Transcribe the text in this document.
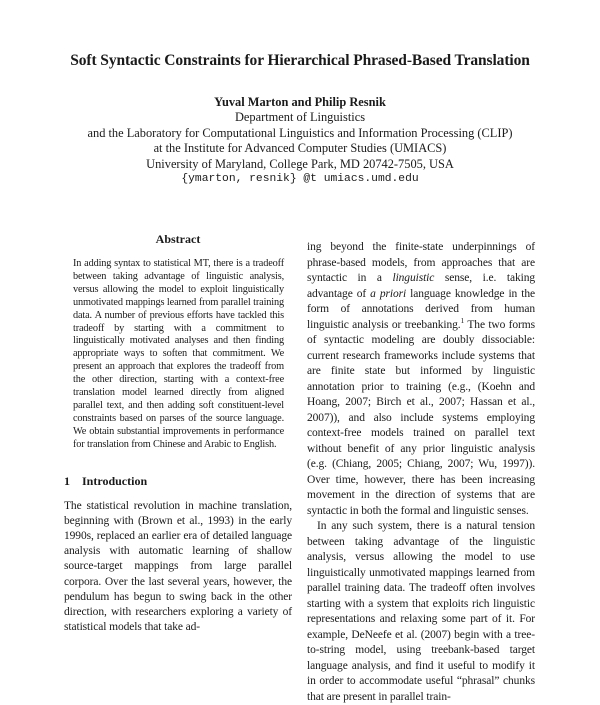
Soft Syntactic Constraints for Hierarchical Phrased-Based Translation
Yuval Marton and Philip Resnik
Department of Linguistics
and the Laboratory for Computational Linguistics and Information Processing (CLIP)
at the Institute for Advanced Computer Studies (UMIACS)
University of Maryland, College Park, MD 20742-7505, USA
{ymarton, resnik} @t umiacs.umd.edu
Abstract

In adding syntax to statistical MT, there is a tradeoff between taking advantage of linguistic analysis, versus allowing the model to exploit linguistically unmotivated mappings learned from parallel training data. A number of previous efforts have tackled this tradeoff by starting with a commitment to linguistically motivated analyses and then finding appropriate ways to soften that commitment. We present an approach that explores the tradeoff from the other direction, starting with a context-free translation model learned directly from aligned parallel text, and then adding soft constituent-level constraints based on parses of the source language. We obtain substantial improvements in performance for translation from Chinese and Arabic to English.

1 Introduction

The statistical revolution in machine translation, beginning with (Brown et al., 1993) in the early 1990s, replaced an earlier era of detailed language analysis with automatic learning of shallow source-target mappings from large parallel corpora. Over the last several years, however, the pendulum has begun to swing back in the other direction, with researchers exploring a variety of statistical models that take ad-

ing beyond the finite-state underpinnings of phrase-based models, from approaches that are syntactic in a linguistic sense, i.e. taking advantage of a priori language knowledge in the form of annotations derived from human linguistic analysis or treebanking.$^1$ The two forms of syntactic modeling are doubly dissociable: current research frameworks include systems that are finite state but informed by linguistic annotation prior to training (e.g., (Koehn and Hoang, 2007; Birch et al., 2007; Hassan et al., 2007)), and also include systems employing context-free models trained on parallel text without benefit of any prior linguistic analysis (e.g. (Chiang, 2005; Chiang, 2007; Wu, 1997)). Over time, however, there has been increasing movement in the direction of systems that are syntactic in both the formal and linguistic senses.

In any such system, there is a natural tension between taking advantage of the linguistic analysis, versus allowing the model to use linguistically unmotivated mappings learned from parallel training data. The tradeoff often involves starting with a system that exploits rich linguistic representations and relaxing some part of it. For example, DeNeefe et al. (2007) begin with a tree-to-string model, using treebank-based target language analysis, and find it useful to modify it in order to accommodate useful “phrasal” chunks that are present in parallel train-
